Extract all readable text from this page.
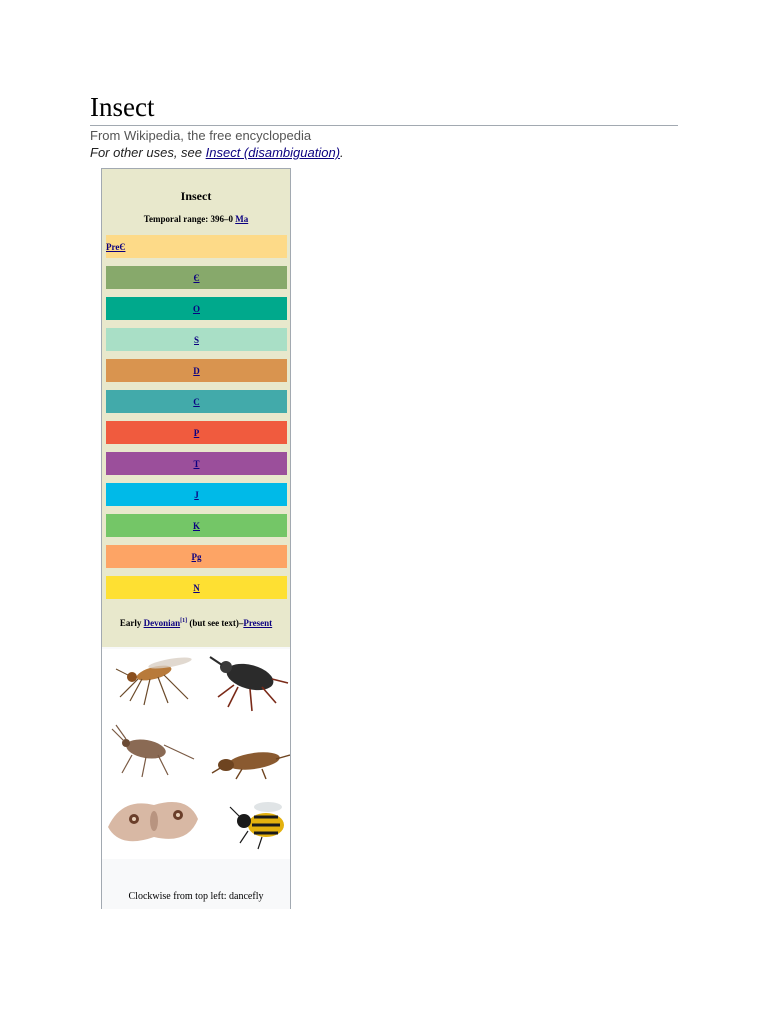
Insect
From Wikipedia, the free encyclopedia
For other uses, see Insect (disambiguation).
Insect
Temporal range: 396–0 Ma
PreЄ
Є
O
S
D
C
P
T
J
K
Pg
N
Early Devonian[1] (but see text)–Present
Clockwise from top left: dancefly
